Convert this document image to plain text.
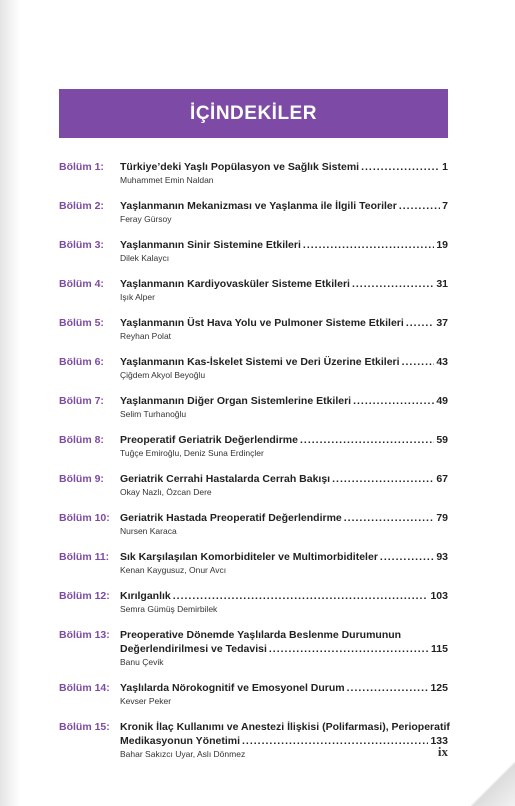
İÇİNDEKİLER
Bölüm 1:	Türkiye’deki Yaşlı Popülasyon ve Sağlık Sistemi .....	1
Muhammet Emin Naldan
Bölüm 2:	Yaşlanmanın Mekanizması ve Yaşlanma ile İlgili Teoriler .....	7
Feray Gürsoy
Bölüm 3:	Yaşlanmanın Sinir Sistemine Etkileri .....	19
Dilek Kalaycı
Bölüm 4:	Yaşlanmanın Kardiyovasküler Sisteme Etkileri .....	31
Işık Alper
Bölüm 5:	Yaşlanmanın Üst Hava Yolu ve Pulmoner Sisteme Etkileri .....	37
Reyhan Polat
Bölüm 6:	Yaşlanmanın Kas-İskelet Sistemi ve Deri Üzerine Etkileri .....	43
Çiğdem Akyol Beyoğlu
Bölüm 7:	Yaşlanmanın Diğer Organ Sistemlerine Etkileri .....	49
Selim Turhanoğlu
Bölüm 8:	Preoperatif Geriatrik Değerlendirme .....	59
Tuğçe Emiroğlu, Deniz Suna Erdinçler
Bölüm 9:	Geriatrik Cerrahi Hastalarda Cerrah Bakışı .....	67
Okay Nazlı, Özcan Dere
Bölüm 10: Geriatrik Hastada Preoperatif Değerlendirme .....	79
Nursen Karaca
Bölüm 11:	Sık Karşılaşılan Komorbiditeler ve Multimorbiditeler .....	93
Kenan Kaygusuz, Onur Avcı
Bölüm 12: Kırılganlık .....	103
Semra Gümüş Demirbilek
Bölüm 13: Preoperative Dönemde Yaşlılarda Beslenme Durumunun
Değerlendirilmesi ve Tedavisi .....	115
Banu Çevik
Bölüm 14: Yaşlılarda Nörokognitif ve Emosyonel Durum .....	125
Kevser Peker
Bölüm 15: Kronik İlaç Kullanımı ve Anestezi İlişkisi (Polifarmasi), Perioperatif
Medikasyonun Yönetimi .....	133
Bahar Sakızcı Uyar, Aslı Dönmez	ix
